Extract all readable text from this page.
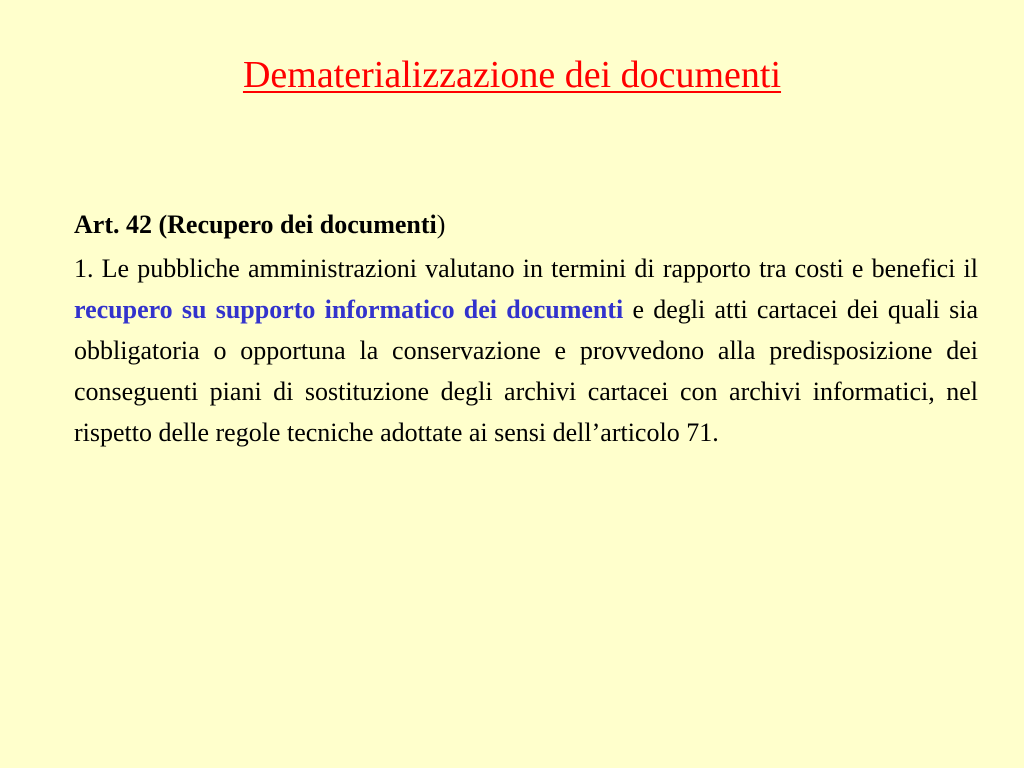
Dematerializzazione dei documenti
Art. 42 (Recupero dei documenti)
1. Le pubbliche amministrazioni valutano in termini di rapporto tra costi e benefici il recupero su supporto informatico dei documenti e degli atti cartacei dei quali sia obbligatoria o opportuna la conservazione e provvedono alla predisposizione dei conseguenti piani di sostituzione degli archivi cartacei con archivi informatici, nel rispetto delle regole tecniche adottate ai sensi dell’articolo 71.
